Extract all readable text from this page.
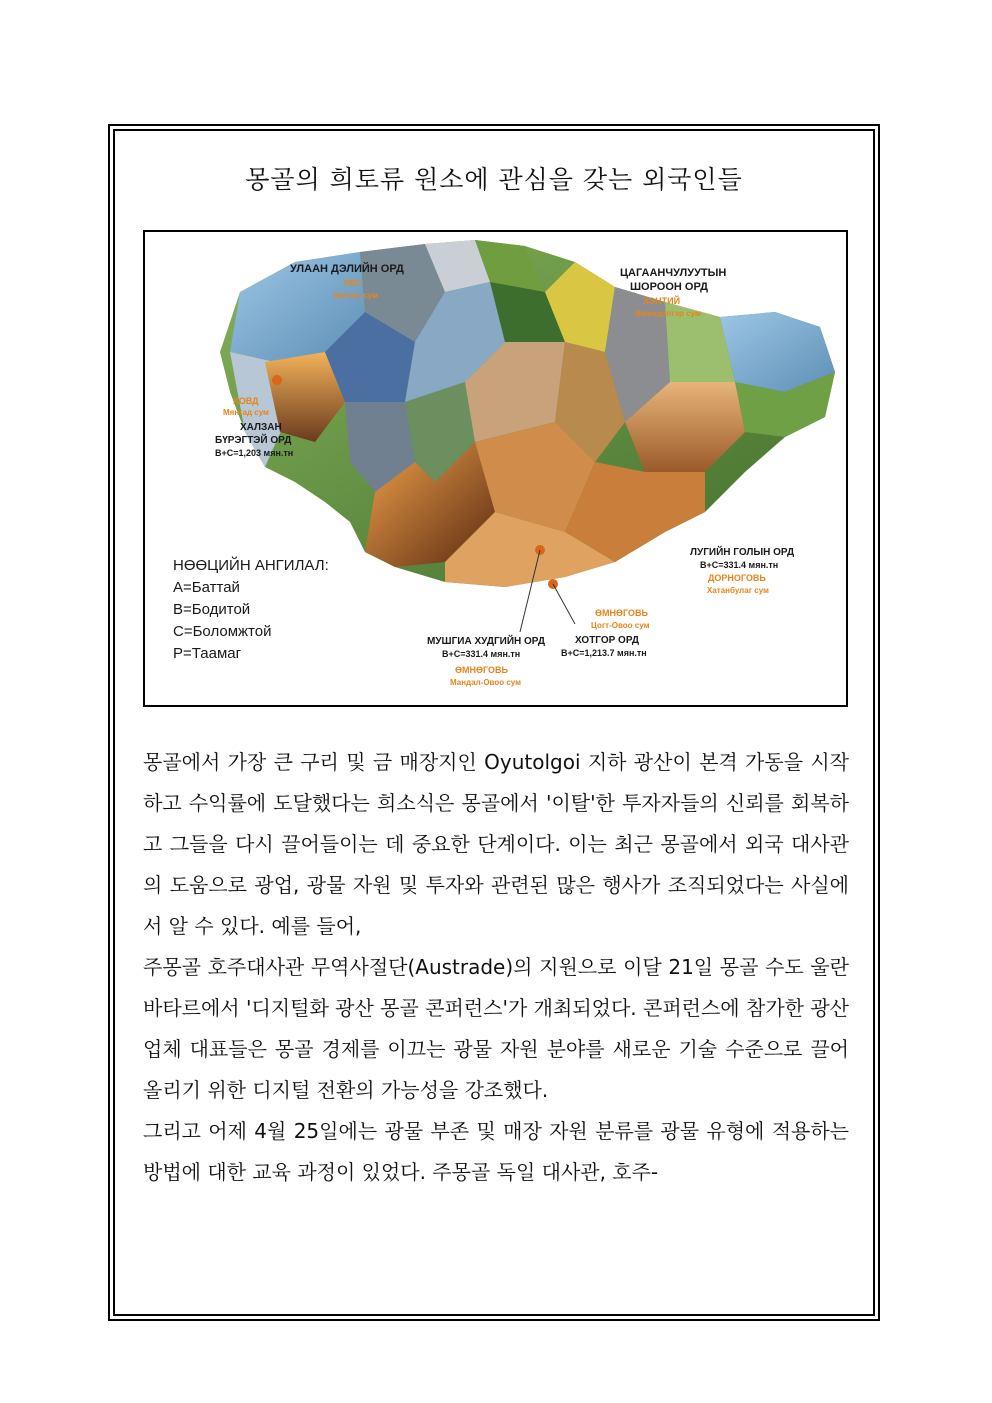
몽골의 희토류 원소에 관심을 갖는 외국인들
УЛААН ДЭЛИЙН ОРД
УВС
Завхан сум
ЦАГААНЧУЛУУТЫН
ШОРООН ОРД
ХЭНТИЙ
Өмнөдэлгэр сум
ХОВД
Мянгад сум
ХАЛЗАН
БҮРЭГТЭЙ ОРД
B+C=1,203 мян.тн
ЛУГИЙН ГОЛЫН ОРД
B+C=331.4 мян.тн
ДОРНОГОВЬ
Хатанбулаг сум
ӨМНӨГОВЬ
Цогт-Овоо сум
ХОТГОР ОРД
B+C=1,213.7 мян.тн
МУШГИА ХУДГИЙН ОРД
B+C=331.4 мян.тн
ӨМНӨГОВЬ
Мандал-Овоо сум
НӨӨЦИЙН АНГИЛАЛ:
A=Баттай
B=Бодитой
C=Боломжтой
P=Таамаг

몽골에서 가장 큰 구리 및 금 매장지인 Oyutolgoi 지하 광산이 본격 가동을 시작하고 수익률에 도달했다는 희소식은 몽골에서 '이탈'한 투자자들의 신뢰를 회복하고 그들을 다시 끌어들이는 데 중요한 단계이다. 이는 최근 몽골에서 외국 대사관의 도움으로 광업, 광물 자원 및 투자와 관련된 많은 행사가 조직되었다는 사실에서 알 수 있다. 예를 들어,

주몽골 호주대사관 무역사절단(Austrade)의 지원으로 이달 21일 몽골 수도 울란바타르에서 '디지털화 광산 몽골 콘퍼런스'가 개최되었다. 콘퍼런스에 참가한 광산업체 대표들은 몽골 경제를 이끄는 광물 자원 분야를 새로운 기술 수준으로 끌어올리기 위한 디지털 전환의 가능성을 강조했다.

그리고 어제 4월 25일에는 광물 부존 및 매장 자원 분류를 광물 유형에 적용하는 방법에 대한 교육 과정이 있었다. 주몽골 독일 대사관, 호주-
